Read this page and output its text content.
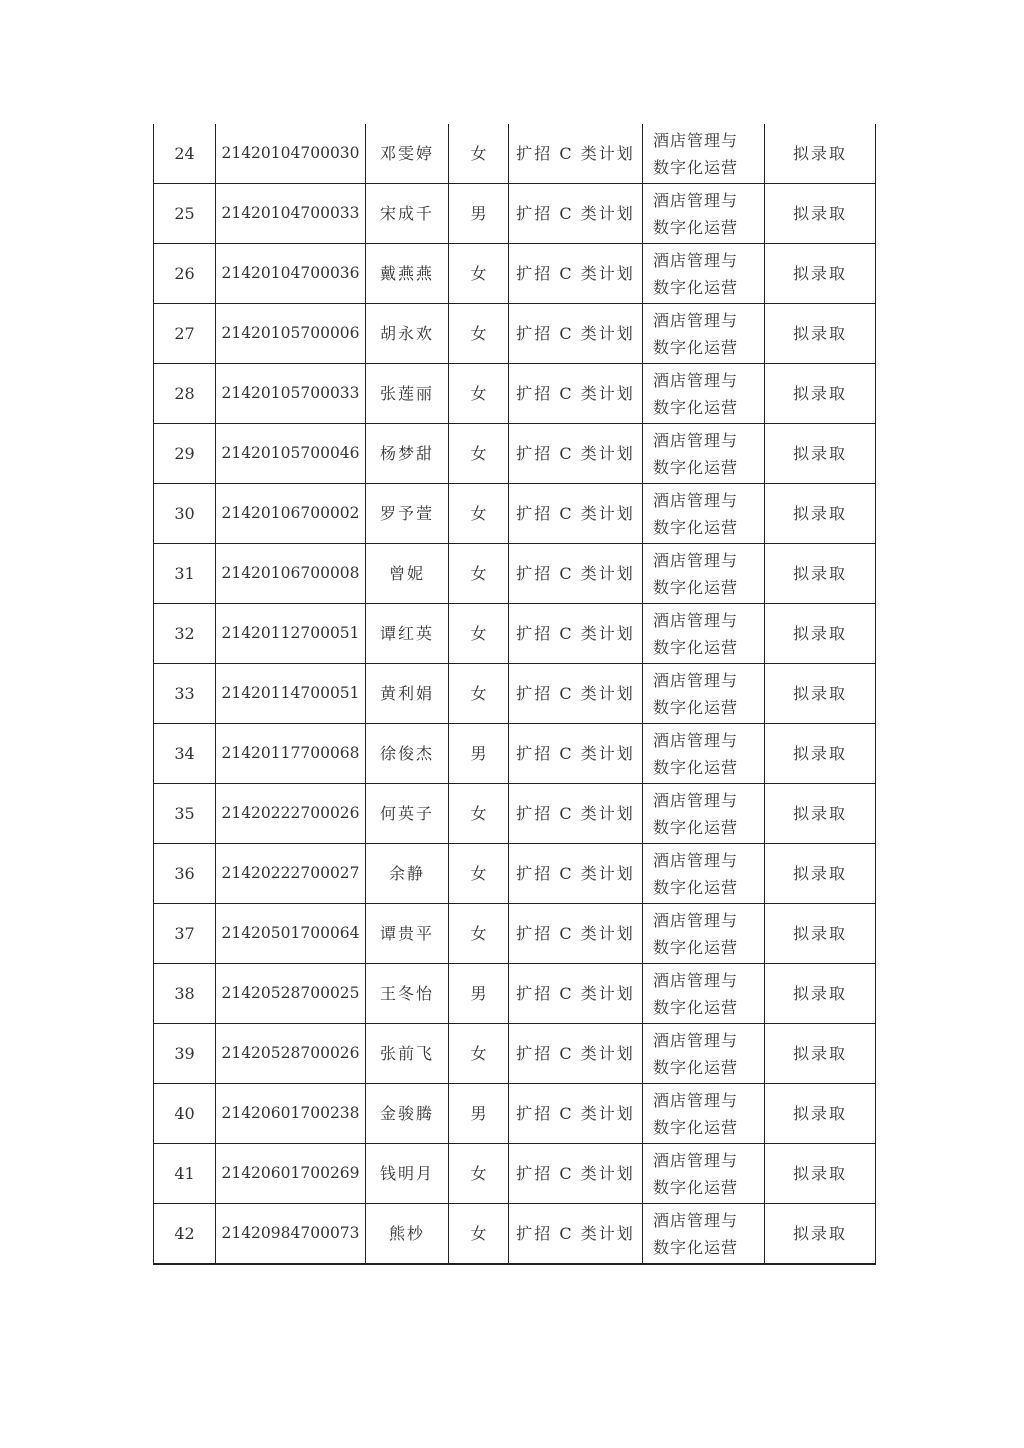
24	21420104700030	邓雯婷	女	扩招 C 类计划	酒店管理与
数字化运营	拟录取
25	21420104700033	宋成千	男	扩招 C 类计划	酒店管理与
数字化运营	拟录取
26	21420104700036	戴燕燕	女	扩招 C 类计划	酒店管理与
数字化运营	拟录取
27	21420105700006	胡永欢	女	扩招 C 类计划	酒店管理与
数字化运营	拟录取
28	21420105700033	张莲丽	女	扩招 C 类计划	酒店管理与
数字化运营	拟录取
29	21420105700046	杨梦甜	女	扩招 C 类计划	酒店管理与
数字化运营	拟录取
30	21420106700002	罗予萱	女	扩招 C 类计划	酒店管理与
数字化运营	拟录取
31	21420106700008	曾妮	女	扩招 C 类计划	酒店管理与
数字化运营	拟录取
32	21420112700051	谭红英	女	扩招 C 类计划	酒店管理与
数字化运营	拟录取
33	21420114700051	黄利娟	女	扩招 C 类计划	酒店管理与
数字化运营	拟录取
34	21420117700068	徐俊杰	男	扩招 C 类计划	酒店管理与
数字化运营	拟录取
35	21420222700026	何英子	女	扩招 C 类计划	酒店管理与
数字化运营	拟录取
36	21420222700027	余静	女	扩招 C 类计划	酒店管理与
数字化运营	拟录取
37	21420501700064	谭贵平	女	扩招 C 类计划	酒店管理与
数字化运营	拟录取
38	21420528700025	王冬怡	男	扩招 C 类计划	酒店管理与
数字化运营	拟录取
39	21420528700026	张前飞	女	扩招 C 类计划	酒店管理与
数字化运营	拟录取
40	21420601700238	金骏腾	男	扩招 C 类计划	酒店管理与
数字化运营	拟录取
41	21420601700269	钱明月	女	扩招 C 类计划	酒店管理与
数字化运营	拟录取
42	21420984700073	熊杪	女	扩招 C 类计划	酒店管理与
数字化运营	拟录取
